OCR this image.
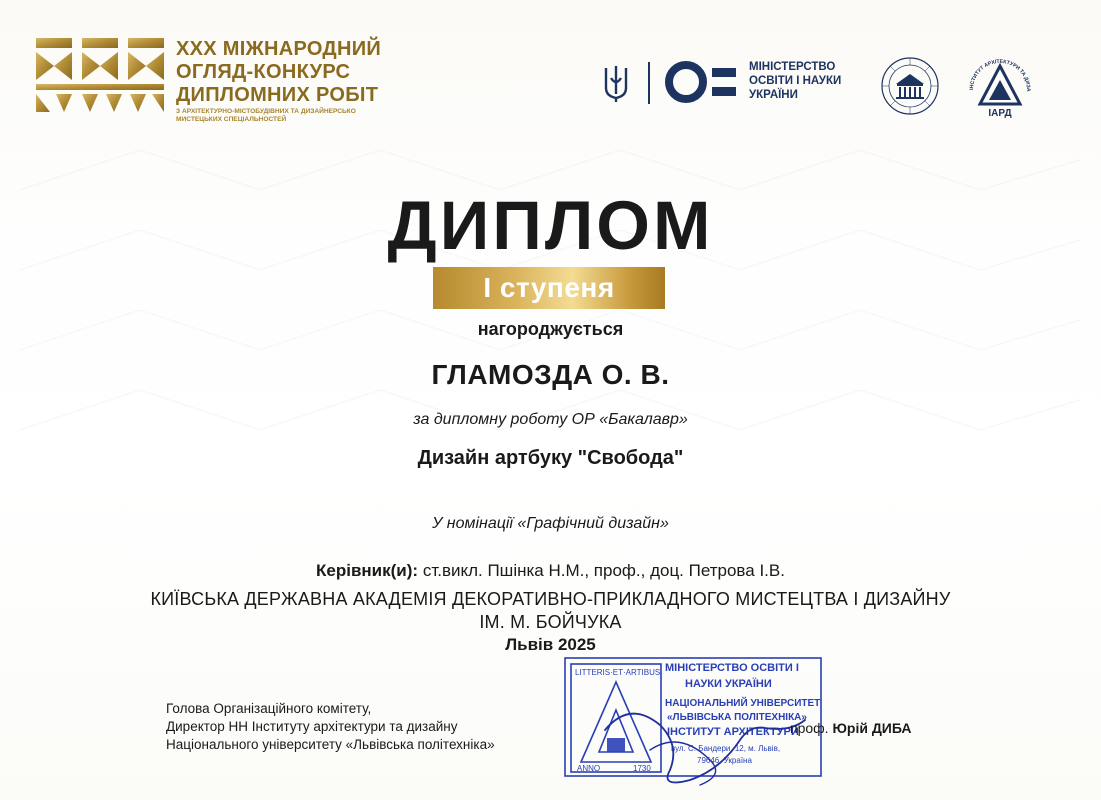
XXX МІЖНАРОДНИЙ
ОГЛЯД-КОНКУРС
ДИПЛОМНИХ РОБІТ
З АРХІТЕКТУРНО-МІСТОБУДІВНИХ ТА ДИЗАЙНЕРСЬКО
МИСТЕЦЬКИХ СПЕЦІАЛЬНОСТЕЙ
МІНІСТЕРСТВО
ОСВІТИ І НАУКИ
УКРАЇНИ	ІНСТИТУТ АРХІТЕКТУРИ ТА ДИЗА
ІАРД
ДИПЛОМ
І ступеня
нагороджується
ГЛАМОЗДА О. В.
за дипломну роботу ОР «Бакалавр»
Дизайн артбуку "Свобода"
У номінації «Графічний дизайн»
Керівник(и): ст.викл. Пшінка Н.М., проф., доц. Петрова І.В.
КИЇВСЬКА ДЕРЖАВНА АКАДЕМІЯ ДЕКОРАТИВНО-ПРИКЛАДНОГО МИСТЕЦТВА І ДИЗАЙНУ
ІМ. М. БОЙЧУКА
Львів 2025
Голова Організаційного комітету,
Директор НН Інституту архітектури та дизайну
Національного університету «Львівська політехніка»
LITTERIS·ET·ARTIBUS
ANNO	1730
МІНІСТЕРСТВО ОСВІТИ І
НАУКИ УКРАЇНИ
НАЦІОНАЛЬНИЙ УНІВЕРСИТЕТ
«ЛЬВІВСЬКА ПОЛІТЕХНІКА»
ІНСТИТУТ АРХІТЕКТУРИ
вул. С. Бандери, 12, м. Львів,
79646, Україна
проф. Юрій ДИБА
